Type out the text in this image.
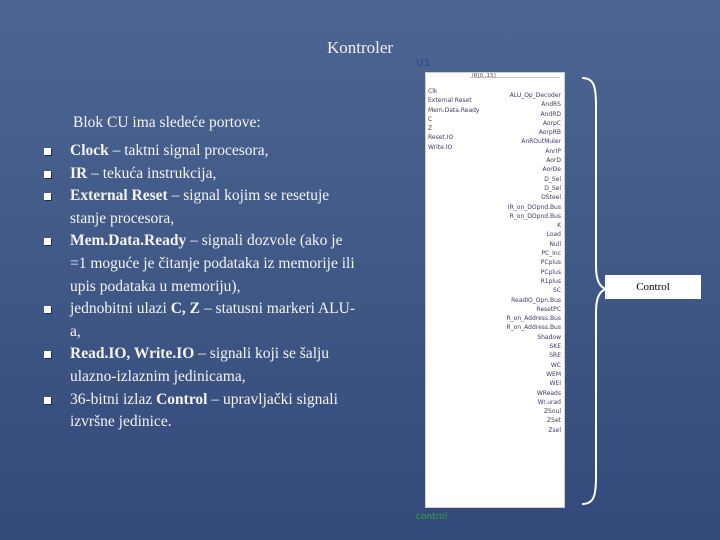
Kontroler
Blok CU ima sledeće portove:
Clock – taktni signal procesora,
IR – tekuća instrukcija,
External Reset – signal kojim se resetuje stanje procesora,
Mem.Data.Ready – signali dozvole (ako je =1 moguće je čitanje podataka iz memorije ili upis podataka u memoriju),
jednobitni ulazi C, Z – statusni markeri ALU-a,
Read.IO, Write.IO – signali koji se šalju ulazno-izlaznim jedinicama,
36-bitni izlaz Control – upravljački signali izvršne jedinice.
U1
IR[0..15]
Clk
External Reset
Mem.Data.Ready
C
Z
Reset.IO
Write.IO
ALU_Op_Decoder
AndRS
AndRD
AorpC
AorpRB
AnROutMuler
AnrIP
AorD
AorDe
D_Sel
D_Sel
OSteel
IR_on_DOpnd.Bus
R_on_DOpnd.Bus
K
Load
Null
PC_Inc
PCplus
PCplus
R1plus
SC
ReadIO_Opn.Bus
ResetPC
R_on_Address.Bus
R_on_Address.Bus
Shadow
SKE
SRE
WC
WEM
WEI
WReads
Wr.urad
ZSoul
ZSet
Zsel
control
Control
